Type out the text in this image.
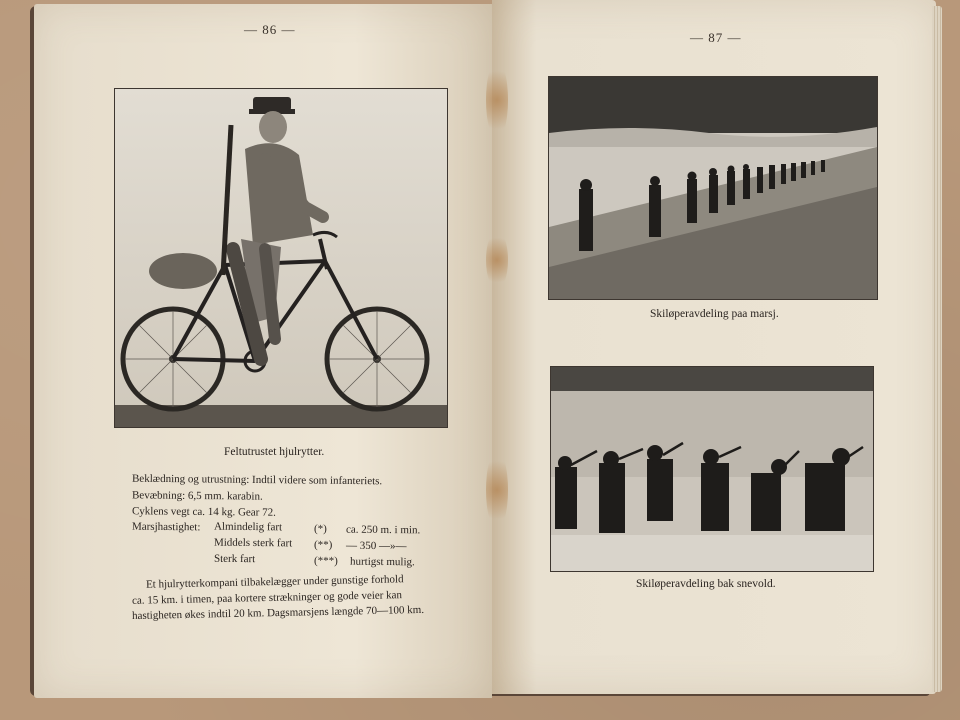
— 86 —
Feltutrustet hjulrytter.
Beklædning og utrustning: Indtil videre som infanteriets.
Bevæbning: 6,5 mm. karabin.
Cyklens vegt ca. 14 kg. Gear 72.
Marsjhastighet: Almindelig fart	(*) ca. 250 m. i min.
Middels sterk fart (**) — 350 —»—
Sterk fart	(***) hurtigst mulig.
Et hjulrytterkompani tilbakelægger under gunstige forhold
ca. 15 km. i timen, paa kortere strækninger og gode veier kan
hastigheten økes indtil 20 km. Dagsmarsjens længde 70—100 km.
— 87 —
Skiløperavdeling paa marsj.
Skiløperavdeling bak snevold.
